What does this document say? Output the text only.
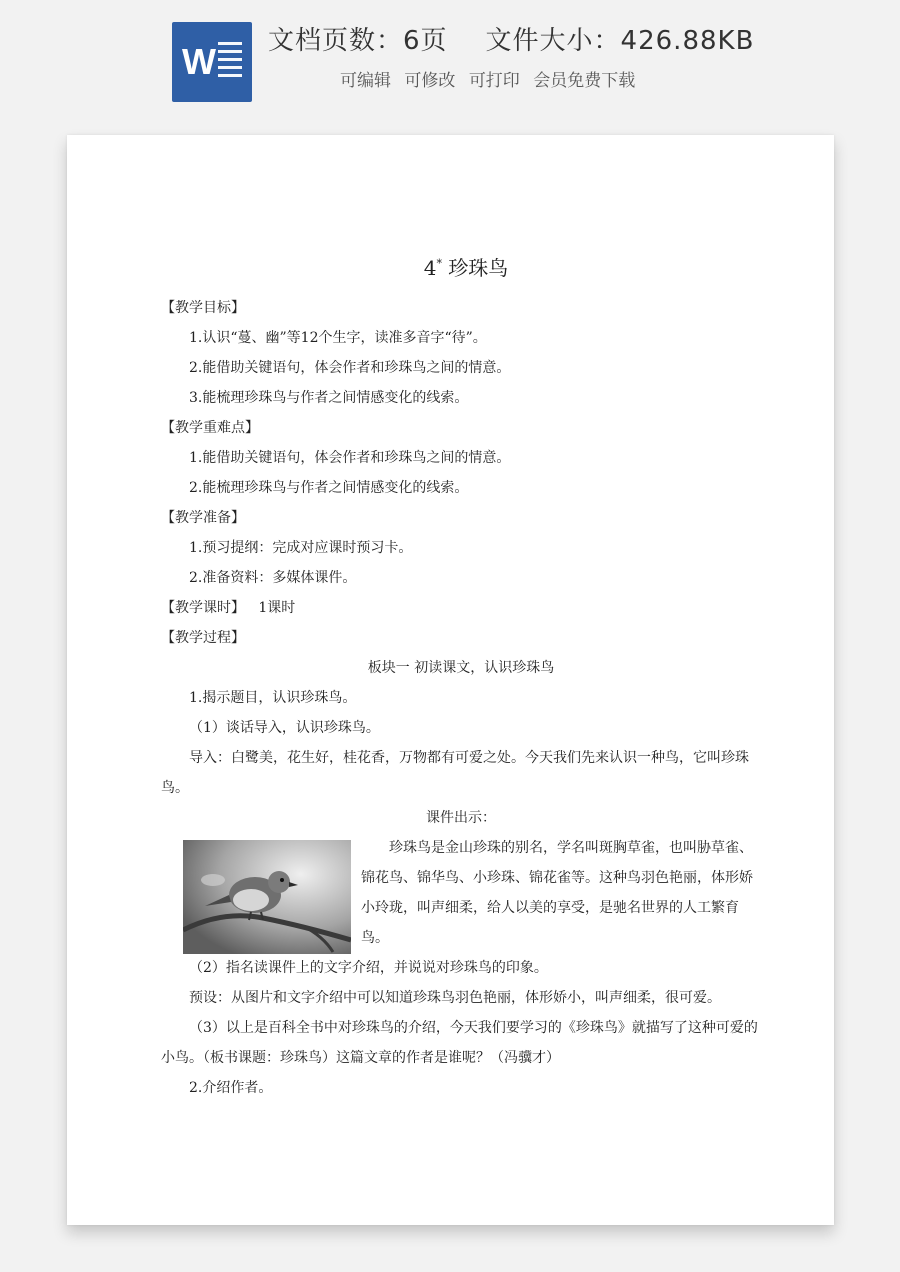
W 文档页数：6页 文件大小：426.88KB
可编辑 可修改 可打印 会员免费下载
4* 珍珠鸟
【教学目标】
1.认识“蔓、幽”等12个生字，读准多音字“待”。
2.能借助关键语句，体会作者和珍珠鸟之间的情意。
3.能梳理珍珠鸟与作者之间情感变化的线索。
【教学重难点】
1.能借助关键语句，体会作者和珍珠鸟之间的情意。
2.能梳理珍珠鸟与作者之间情感变化的线索。
【教学准备】
1.预习提纲：完成对应课时预习卡。
2.准备资料：多媒体课件。
【教学课时】 1课时
【教学过程】
板块一 初读课文，认识珍珠鸟
1.揭示题目，认识珍珠鸟。
（1）谈话导入，认识珍珠鸟。
导入：白鹭美，花生好，桂花香，万物都有可爱之处。今天我们先来认识一种鸟，它叫珍珠鸟。
课件出示：
珍珠鸟是金山珍珠的别名，学名叫斑胸草雀，也叫胁草雀、锦花鸟、锦华鸟、小珍珠、锦花雀等。这种鸟羽色艳丽，体形娇小玲珑，叫声细柔，给人以美的享受，是驰名世界的人工繁育鸟。
（2）指名读课件上的文字介绍，并说说对珍珠鸟的印象。
预设：从图片和文字介绍中可以知道珍珠鸟羽色艳丽，体形娇小，叫声细柔，很可爱。
（3）以上是百科全书中对珍珠鸟的介绍，今天我们要学习的《珍珠鸟》就描写了这种可爱的小鸟。（板书课题：珍珠鸟）这篇文章的作者是谁呢？（冯骥才）
2.介绍作者。
